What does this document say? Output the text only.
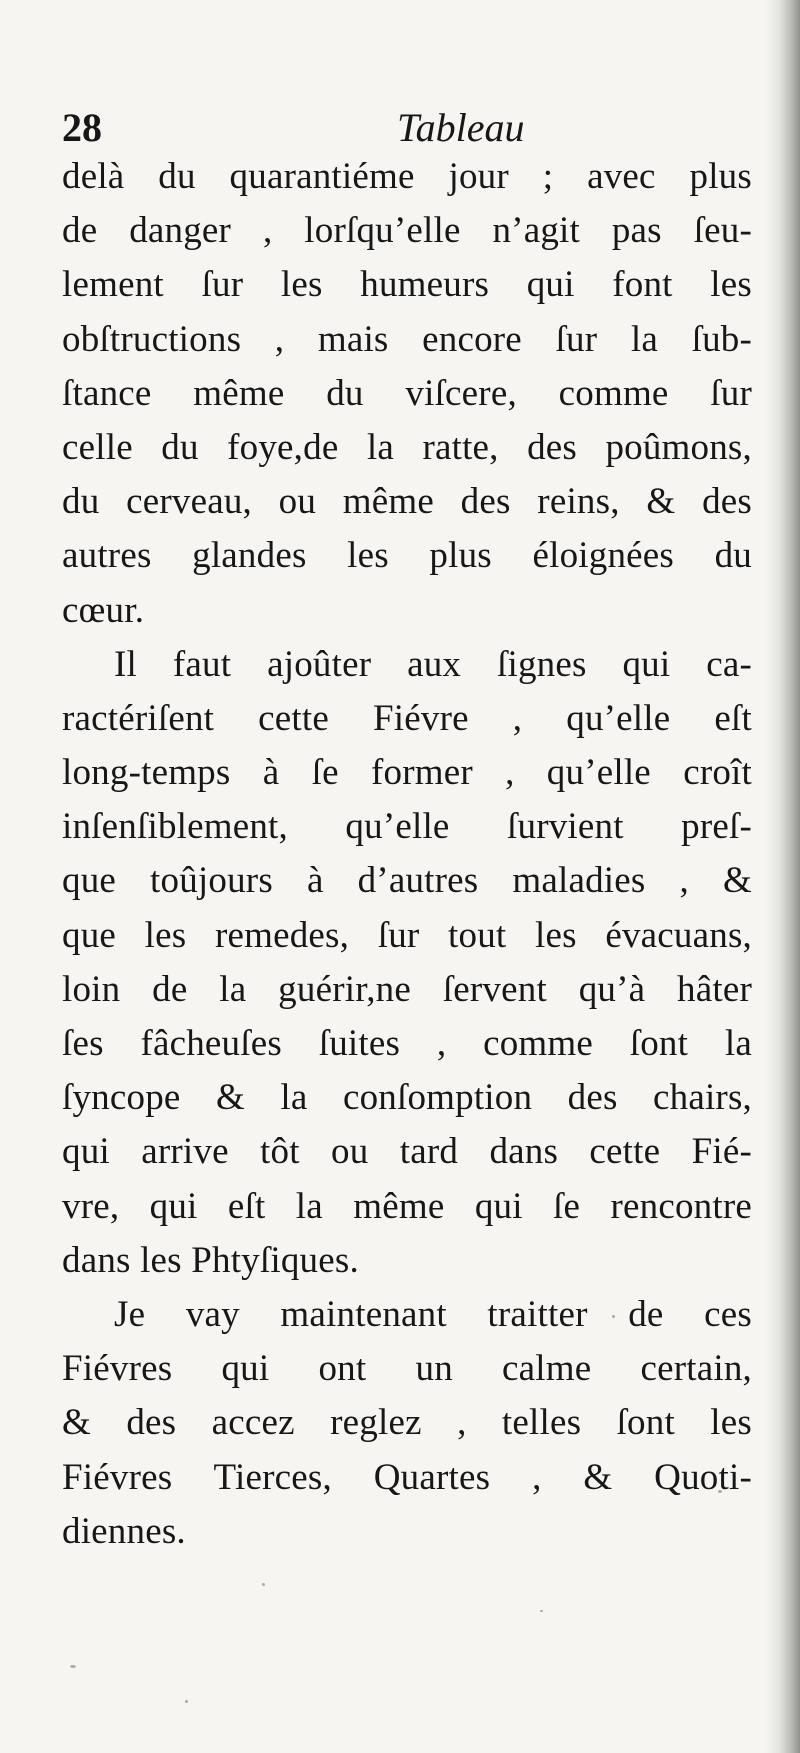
28	Tableau
delà du quarantiéme jour ; avec plus
de danger , lorſqu’elle n’agit pas ſeu-
lement ſur les humeurs qui font les
obſtructions , mais encore ſur la ſub-
ſtance même du viſcere, comme ſur
celle du foye,de la ratte, des poûmons,
du cerveau, ou même des reins, & des
autres glandes les plus éloignées du
cœur.
Il faut ajoûter aux ſignes qui ca-
ractériſent cette Fiévre , qu’elle eſt
long-temps à ſe former , qu’elle croît
inſenſiblement, qu’elle ſurvient preſ-
que toûjours à d’autres maladies , &
que les remedes, ſur tout les évacuans,
loin de la guérir,ne ſervent qu’à hâter
ſes fâcheuſes ſuites , comme ſont la
ſyncope & la conſomption des chairs,
qui arrive tôt ou tard dans cette Fié-
vre, qui eſt la même qui ſe rencontre
dans les Phtyſiques.
Je vay maintenant traitter de ces
Fiévres qui ont un calme certain,
& des accez reglez , telles ſont les
Fiévres Tierces, Quartes , & Quoti-
diennes.
